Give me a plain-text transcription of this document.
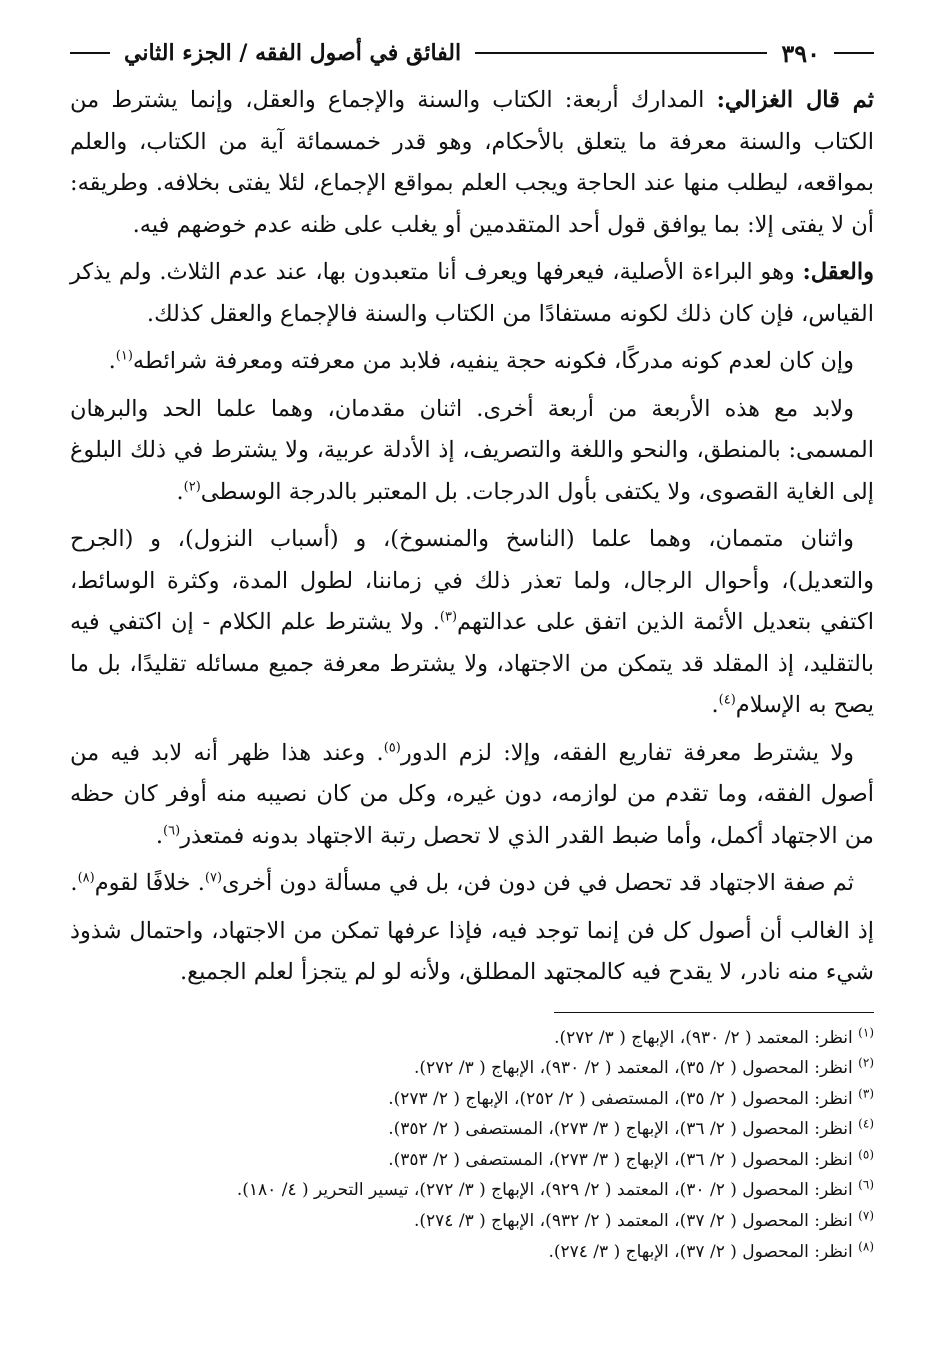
٣٩٠
الفائق في أصول الفقه / الجزء الثاني

ثم قال الغزالي: المدارك أربعة: الكتاب والسنة والإجماع والعقل، وإنما يشترط من الكتاب والسنة معرفة ما يتعلق بالأحكام، وهو قدر خمسمائة آية من الكتاب، والعلم بمواقعه، ليطلب منها عند الحاجة ويجب العلم بمواقع الإجماع، لئلا يفتى بخلافه. وطريقه: أن لا يفتى إلا: بما يوافق قول أحد المتقدمين أو يغلب على ظنه عدم خوضهم فيه.

والعقل: وهو البراءة الأصلية، فيعرفها ويعرف أنا متعبدون بها، عند عدم الثلاث. ولم يذكر القياس، فإن كان ذلك لكونه مستفادًا من الكتاب والسنة فالإجماع والعقل كذلك.

وإن كان لعدم كونه مدركًا، فكونه حجة ينفيه، فلابد من معرفته ومعرفة شرائطه$^{(١)}$.

ولابد مع هذه الأربعة من أربعة أخرى. اثنان مقدمان، وهما علما الحد والبرهان المسمى: بالمنطق، والنحو واللغة والتصريف، إذ الأدلة عربية، ولا يشترط في ذلك البلوغ إلى الغاية القصوى، ولا يكتفى بأول الدرجات. بل المعتبر بالدرجة الوسطى$^{(٢)}$.

واثنان متممان، وهما علما (الناسخ والمنسوخ)، و (أسباب النزول)، و (الجرح والتعديل)، وأحوال الرجال، ولما تعذر ذلك في زماننا، لطول المدة، وكثرة الوسائط، اكتفي بتعديل الأئمة الذين اتفق على عدالتهم$^{(٣)}$. ولا يشترط علم الكلام - إن اكتفي فيه بالتقليد، إذ المقلد قد يتمكن من الاجتهاد، ولا يشترط معرفة جميع مسائله تقليدًا، بل ما يصح به الإسلام$^{(٤)}$.

ولا يشترط معرفة تفاريع الفقه، وإلا: لزم الدور$^{(٥)}$. وعند هذا ظهر أنه لابد فيه من أصول الفقه، وما تقدم من لوازمه، دون غيره، وكل من كان نصيبه منه أوفر كان حظه من الاجتهاد أكمل، وأما ضبط القدر الذي لا تحصل رتبة الاجتهاد بدونه فمتعذر$^{(٦)}$.

ثم صفة الاجتهاد قد تحصل في فن دون فن، بل في مسألة دون أخرى$^{(٧)}$. خلافًا لقوم$^{(٨)}$.

إذ الغالب أن أصول كل فن إنما توجد فيه، فإذا عرفها تمكن من الاجتهاد، واحتمال شذوذ شيء منه نادر، لا يقدح فيه كالمجتهد المطلق، ولأنه لو لم يتجزأ لعلم الجميع.

$^{(١)}$ انظر: المعتمد ( ٢/ ٩٣٠)، الإبهاج ( ٣/ ٢٧٢).

$^{(٢)}$ انظر: المحصول ( ٢/ ٣٥)، المعتمد ( ٢/ ٩٣٠)، الإبهاج ( ٣/ ٢٧٢).

$^{(٣)}$ انظر: المحصول ( ٢/ ٣٥)، المستصفى ( ٢/ ٢٥٢)، الإبهاج ( ٢/ ٢٧٣).

$^{(٤)}$ انظر: المحصول ( ٢/ ٣٦)، الإبهاج ( ٣/ ٢٧٣)، المستصفى ( ٢/ ٣٥٢).

$^{(٥)}$ انظر: المحصول ( ٢/ ٣٦)، الإبهاج ( ٣/ ٢٧٣)، المستصفى ( ٢/ ٣٥٣).

$^{(٦)}$ انظر: المحصول ( ٢/ ٣٠)، المعتمد ( ٢/ ٩٢٩)، الإبهاج ( ٣/ ٢٧٢)، تيسير التحرير ( ٤/ ١٨٠).

$^{(٧)}$ انظر: المحصول ( ٢/ ٣٧)، المعتمد ( ٢/ ٩٣٢)، الإبهاج ( ٣/ ٢٧٤).

$^{(٨)}$ انظر: المحصول ( ٢/ ٣٧)، الإبهاج ( ٣/ ٢٧٤).
